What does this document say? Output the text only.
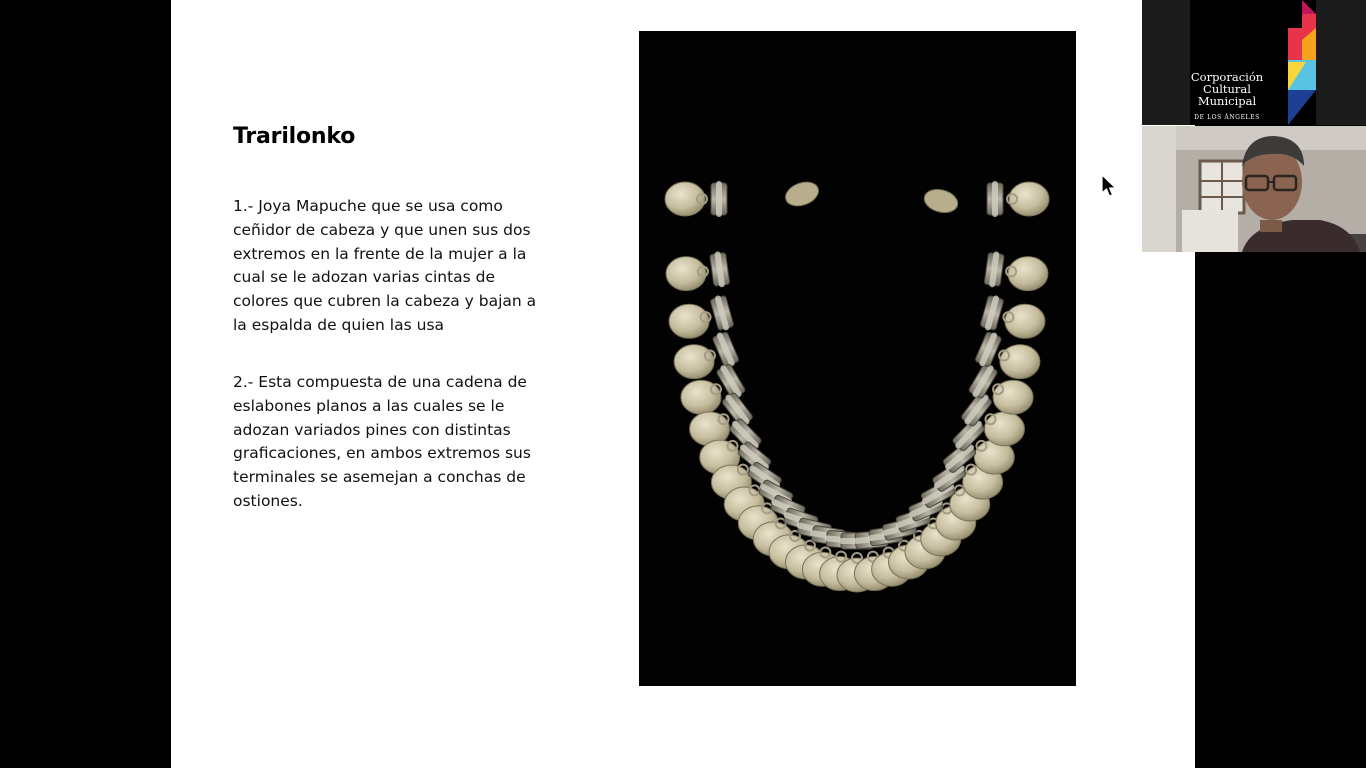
Trarilonko

1.- Joya Mapuche que se usa como ceñidor de cabeza y que unen sus dos extremos en la frente de la mujer a la cual se le adozan varias cintas de colores que cubren la cabeza y bajan a la espalda de quien las usa

2.- Esta compuesta de una cadena de eslabones planos a las cuales se le adozan variados pines con distintas graficaciones, en ambos extremos sus terminales se asemejan a conchas de ostiones.

Corporación
Cultural
Municipal
DE LOS ÁNGELES
